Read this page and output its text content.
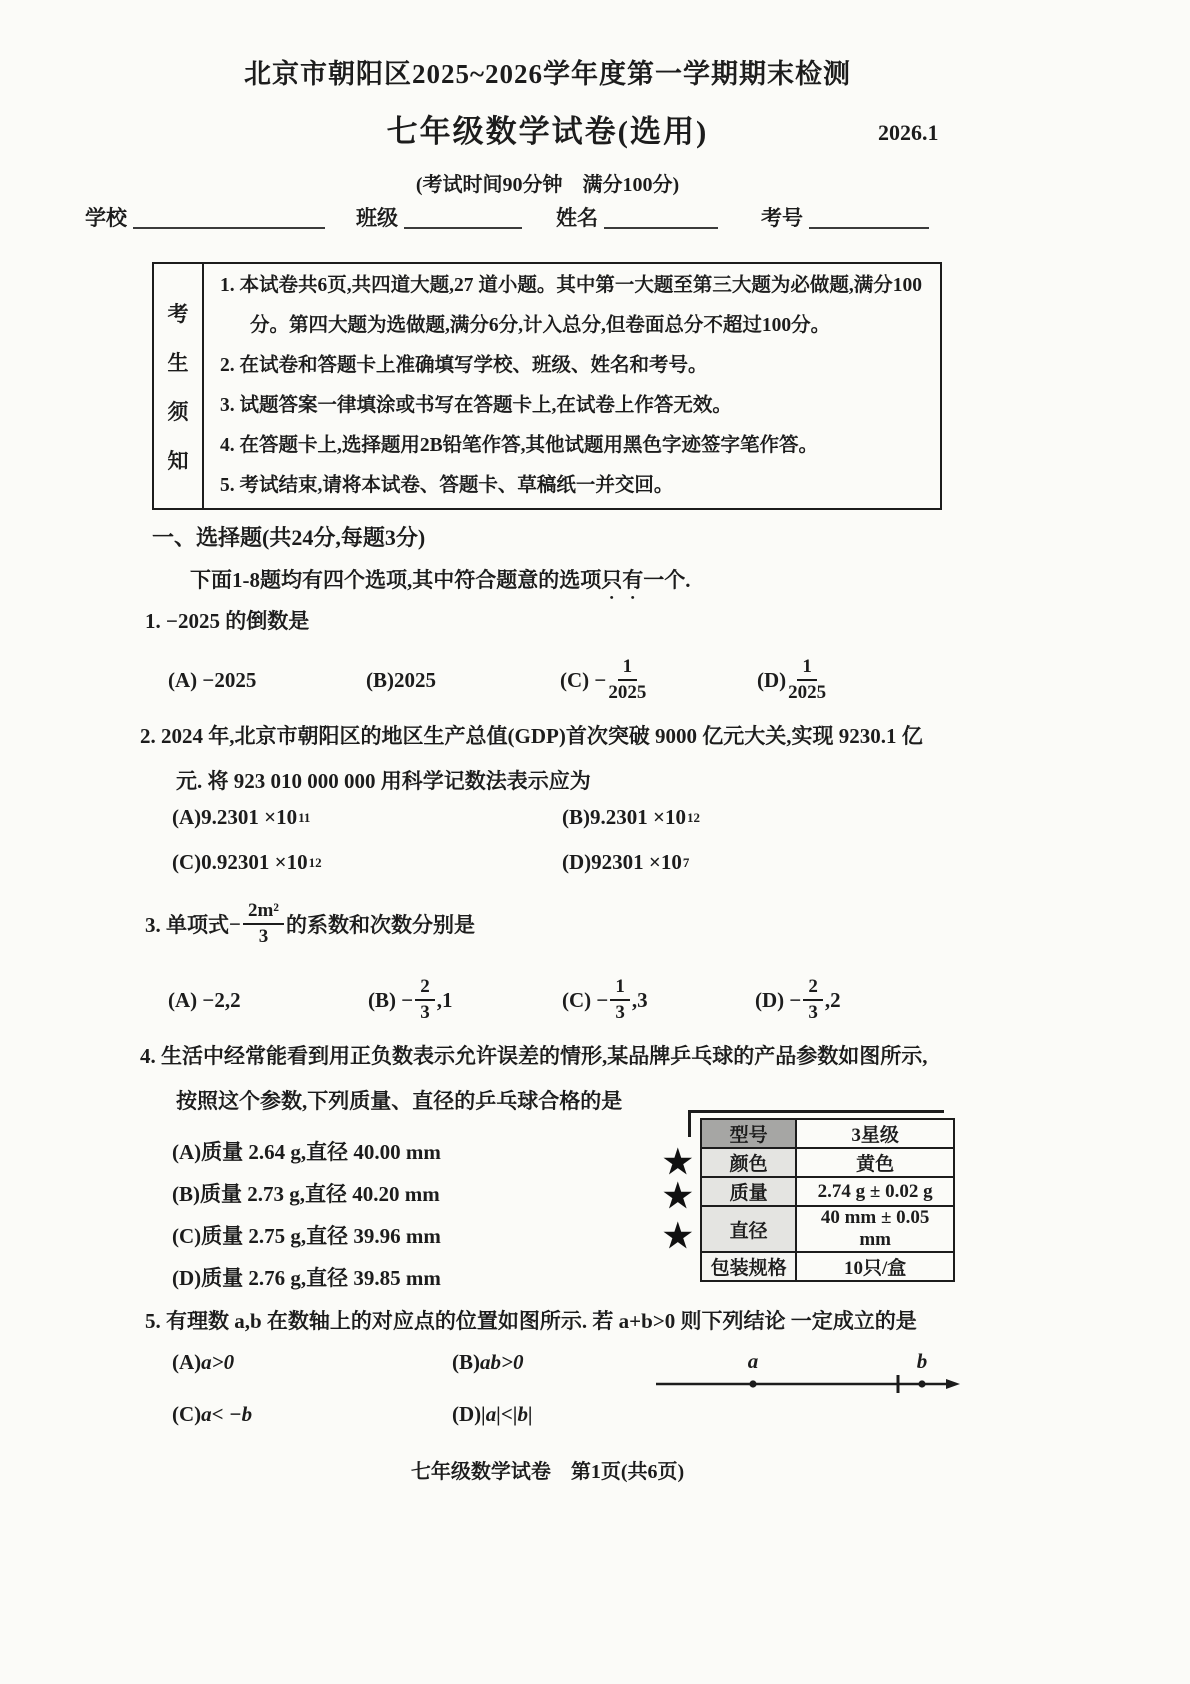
北京市朝阳区2025~2026学年度第一学期期末检测
七年级数学试卷(选用)	2026.1
(考试时间90分钟　满分100分)
学校	班级	姓名	考号
考
生
须
知
1. 本试卷共6页,共四道大题,27 道小题。其中第一大题至第三大题为必做题,满分100 分。第四大题为选做题,满分6分,计入总分,但卷面总分不超过100分。
2. 在试卷和答题卡上准确填写学校、班级、姓名和考号。
3. 试题答案一律填涂或书写在答题卡上,在试卷上作答无效。
4. 在答题卡上,选择题用2B铅笔作答,其他试题用黑色字迹签字笔作答。
5. 考试结束,请将本试卷、答题卡、草稿纸一并交回。
一、选择题(共24分,每题3分)
下面1-8题均有四个选项,其中符合题意的选项只有一个.
1. −2025 的倒数是
(A) −2025	(B)2025	$(C) - \frac{1}{2025}$	$(D) \frac{1}{2025}$
2. 2024 年,北京市朝阳区的地区生产总值(GDP)首次突破 9000 亿元大关,实现 9230.1 亿
元. 将 923 010 000 000 用科学记数法表示应为
(A) 9.2301 ×10 11	(B) 9.2301 ×10 12
(C) 0.92301 ×10 12	(D) 92301 ×10 7
3. 单项式 − $\frac{\text{2m²}}{3}$ 的系数和次数分别是
(A) −2,2	$(B) - \frac{2}{3} ,1$	$(C) - \frac{1}{3} ,3$	$(D) - \frac{2}{3} ,2$
4. 生活中经常能看到用正负数表示允许误差的情形,某品牌乒乓球的产品参数如图所示,
按照这个参数,下列质量、直径的乒乓球合格的是
(A)质量 2.64 g,直径 40.00 mm
(B)质量 2.73 g,直径 40.20 mm
(C)质量 2.75 g,直径 39.96 mm
(D)质量 2.76 g,直径 39.85 mm
★
★
★
型号	3星级
颜色	黄色
质量	2.74 g ± 0.02 g
直径	40 mm ± 0.05 mm
包装规格	10只/盒
5. 有理数 a,b 在数轴上的对应点的位置如图所示. 若 a+b>0 则下列结论 一定成立的是
(A) a>0	(B) ab>0
(C) a< −b	(D) |a|<|b|
a	b
七年级数学试卷　第1页(共6页)
